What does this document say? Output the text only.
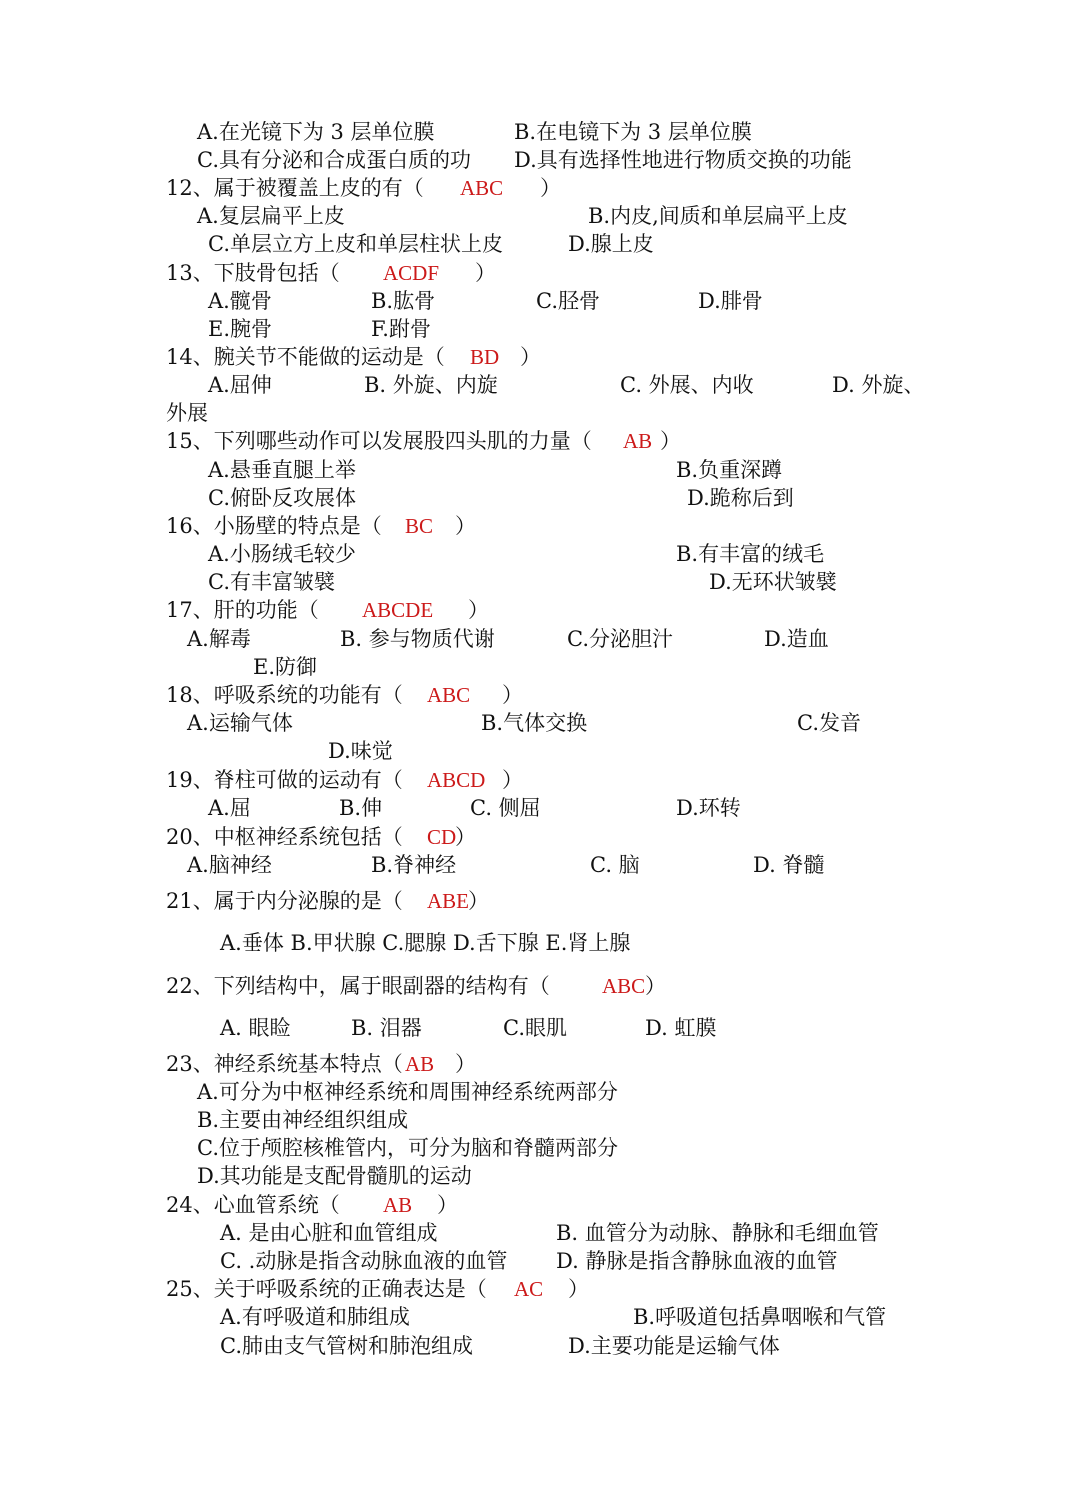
A.在光镜下为 3 层单位膜	B.在电镜下为 3 层单位膜
C.具有分泌和合成蛋白质的功 D.具有选择性地进行物质交换的功能
12、属于被覆盖上皮的有（ ABC ）
A.复层扁平上皮	B.内皮,间质和单层扁平上皮
C.单层立方上皮和单层柱状上皮	D.腺上皮
13、下肢骨包括（ ACDF ）
A.髋骨	B.肱骨	C.胫骨	D.腓骨
E.腕骨	F.跗骨
14、腕关节不能做的运动是（ BD ）
A.屈伸	B. 外旋、内旋	C. 外展、内收	D. 外旋、
外展
15、下列哪些动作可以发展股四头肌的力量（ AB ）
A.悬垂直腿上举	B.负重深蹲
C.俯卧反攻展体	D.跪称后到
16、小肠壁的特点是（ BC ）
A.小肠绒毛较少	B.有丰富的绒毛
C.有丰富皱襞	D.无环状皱襞
17、肝的功能（ ABCDE ）
A.解毒	B. 参与物质代谢	C.分泌胆汁	D.造血
E.防御
18、呼吸系统的功能有（ ABC ）
A.运输气体	B.气体交换	C.发音
D.味觉
19、脊柱可做的运动有（ ABCD ）
A.屈	B.伸	C. 侧屈	D.环转
20、中枢神经系统包括（ CD
）
A.脑神经	B.脊神经	C. 脑	D. 脊髓
21、属于内分泌腺的是（ ABE ）
A.垂体 B.甲状腺 C.腮腺 D.舌下腺 E.肾上腺
22、下列结构中，属于眼副器的结构有（ ABC ）
A. 眼睑	B. 泪器	C.眼肌	D. 虹膜
23、神经系统基本特点（ AB ）
A.可分为中枢神经系统和周围神经系统两部分
B.主要由神经组织组成
C.位于颅腔核椎管内，可分为脑和脊髓两部分
D.其功能是支配骨髓肌的运动
24、心血管系统（ AB ）
A. 是由心脏和血管组成	B. 血管分为动脉、静脉和毛细血管
C. .动脉是指含动脉血液的血管 D. 静脉是指含静脉血液的血管
25、关于呼吸系统的正确表达是（ AC ）
A.有呼吸道和肺组成	B.呼吸道包括鼻咽喉和气管
C.肺由支气管树和肺泡组成	D.主要功能是运输气体
